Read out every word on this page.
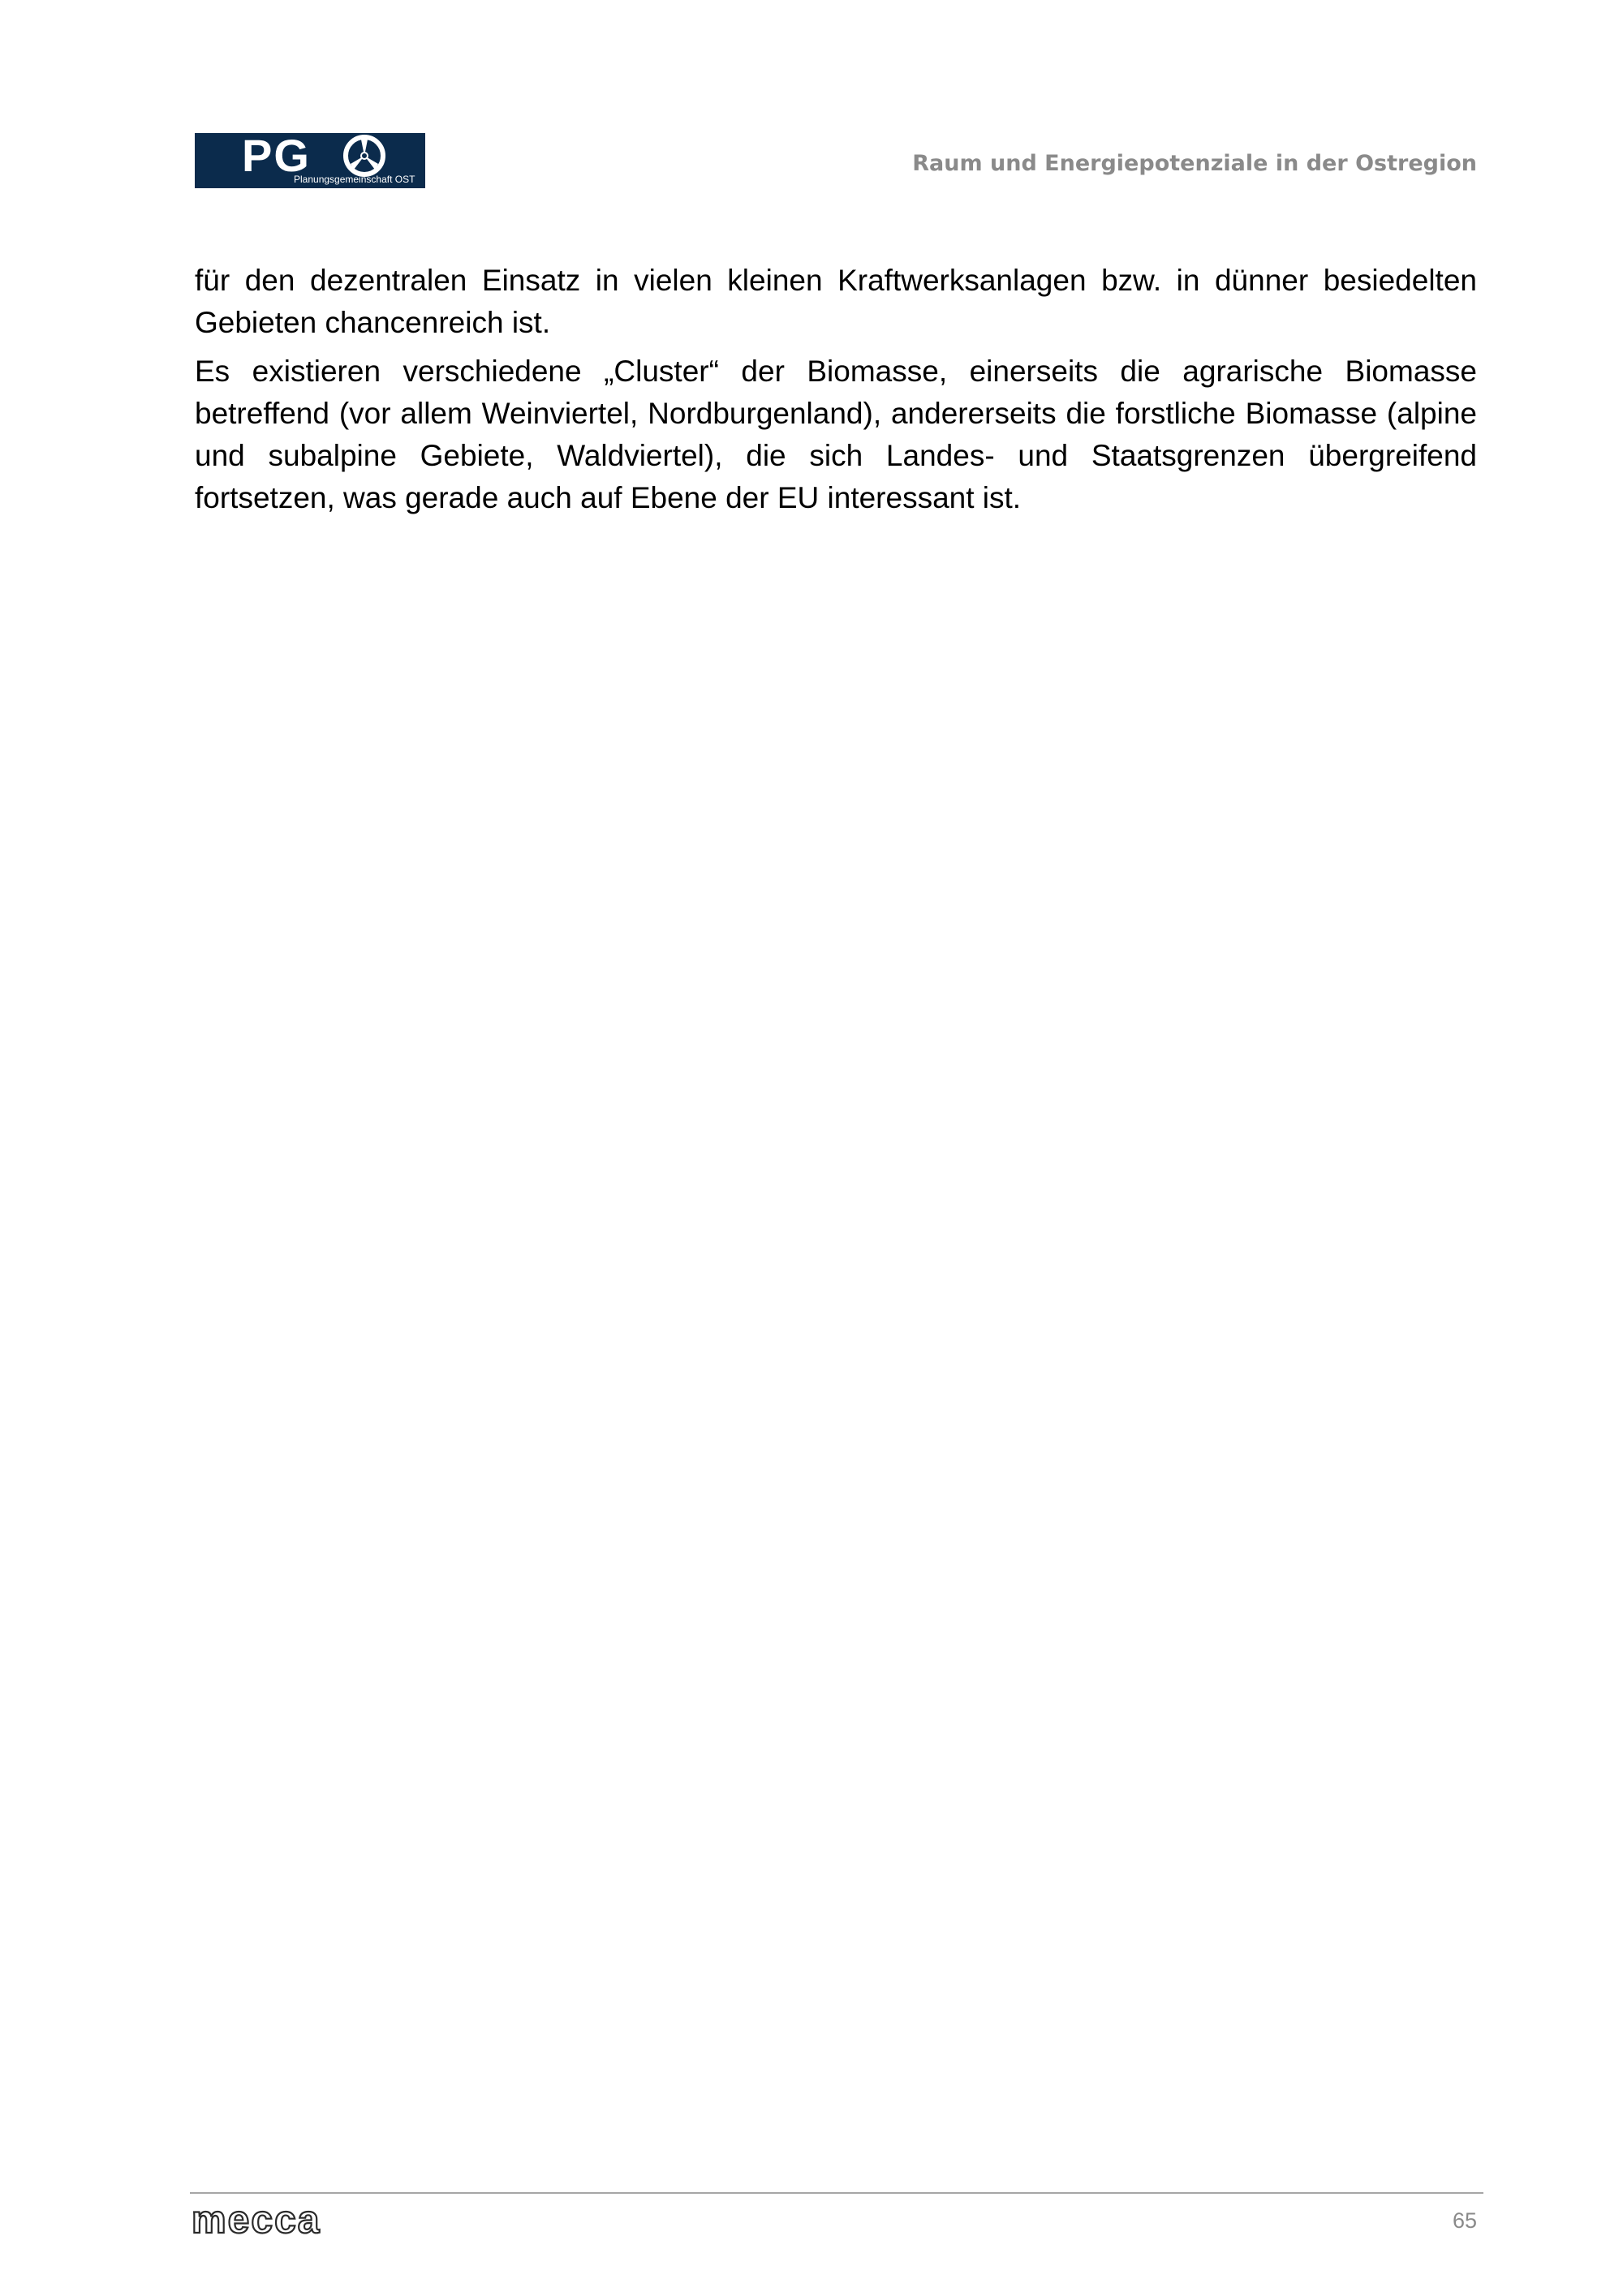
PG
Planungsgemeinschaft OST
Raum und Energiepotenziale in der Ostregion

für den dezentralen Einsatz in vielen kleinen Kraftwerksanlagen bzw. in dünner besiedelten Gebieten chancenreich ist.

Es existieren verschiedene „Cluster“ der Biomasse, einerseits die agrarische Biomasse betreffend (vor allem Weinviertel, Nordburgenland), andererseits die forstliche Biomasse (alpine und subalpine Gebiete, Waldviertel), die sich Landes- und Staatsgrenzen übergreifend fortsetzen, was gerade auch auf Ebene der EU interessant ist.

mecca	65
